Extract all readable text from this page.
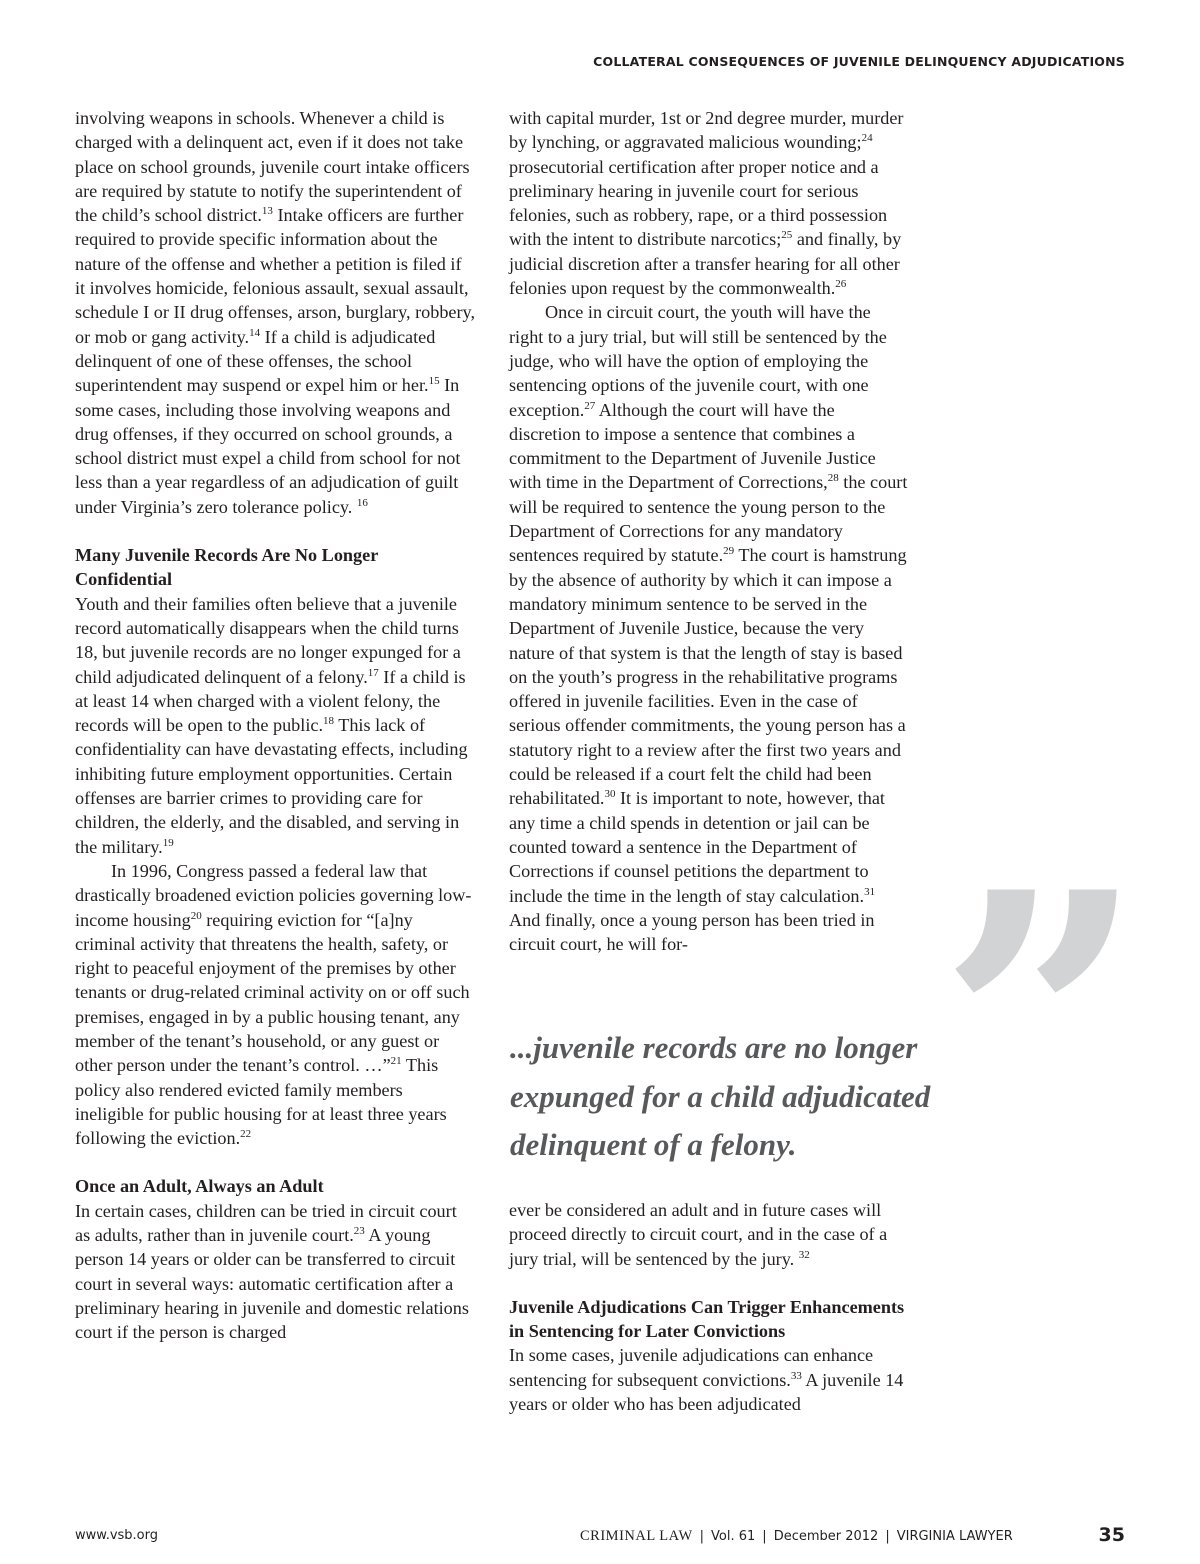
COLLATERAL CONSEQUENCES OF JUVENILE DELINQUENCY ADJUDICATIONS

involving weapons in schools. Whenever a child is charged with a delinquent act, even if it does not take place on school grounds, juvenile court intake officers are required by statute to notify the superintendent of the child’s school district.$^{13}$ Intake officers are further required to provide specific information about the nature of the offense and whether a petition is filed if it involves homicide, felonious assault, sexual assault, schedule I or II drug offenses, arson, burglary, robbery, or mob or gang activity.$^{14}$ If a child is adjudicated delinquent of one of these offenses, the school superintendent may suspend or expel him or her.$^{15}$ In some cases, including those involving weapons and drug offenses, if they occurred on school grounds, a school district must expel a child from school for not less than a year regardless of an adjudication of guilt under Virginia’s zero tolerance policy. $^{16}$

Many Juvenile Records Are No Longer Confidential

Youth and their families often believe that a juvenile record automatically disappears when the child turns 18, but juvenile records are no longer expunged for a child adjudicated delinquent of a felony.$^{17}$ If a child is at least 14 when charged with a violent felony, the records will be open to the public.$^{18}$ This lack of confidentiality can have devastating effects, including inhibiting future employment opportunities. Certain offenses are barrier crimes to providing care for children, the elderly, and the disabled, and serving in the military.$^{19}$

In 1996, Congress passed a federal law that drastically broadened eviction policies governing low-income housing$^{20}$ requiring eviction for “[a]ny criminal activity that threatens the health, safety, or right to peaceful enjoyment of the premises by other tenants or drug-related criminal activity on or off such premises, engaged in by a public housing tenant, any member of the tenant’s household, or any guest or other person under the tenant’s control. …”$^{21}$ This policy also rendered evicted family members ineligible for public housing for at least three years following the eviction.$^{22}$

Once an Adult, Always an Adult

In certain cases, children can be tried in circuit court as adults, rather than in juvenile court.$^{23}$ A young person 14 years or older can be transferred to circuit court in several ways: automatic certification after a preliminary hearing in juvenile and domestic relations court if the person is charged

with capital murder, 1st or 2nd degree murder, murder by lynching, or aggravated malicious wounding;$^{24}$ prosecutorial certification after proper notice and a preliminary hearing in juvenile court for serious felonies, such as robbery, rape, or a third possession with the intent to distribute narcotics;$^{25}$ and finally, by judicial discretion after a transfer hearing for all other felonies upon request by the commonwealth.$^{26}$

Once in circuit court, the youth will have the right to a jury trial, but will still be sentenced by the judge, who will have the option of employing the sentencing options of the juvenile court, with one exception.$^{27}$ Although the court will have the discretion to impose a sentence that combines a commitment to the Department of Juvenile Justice with time in the Department of Corrections,$^{28}$ the court will be required to sentence the young person to the Department of Corrections for any mandatory sentences required by statute.$^{29}$ The court is hamstrung by the absence of authority by which it can impose a mandatory minimum sentence to be served in the Department of Juvenile Justice, because the very nature of that system is that the length of stay is based on the youth’s progress in the rehabilitative programs offered in juvenile facilities. Even in the case of serious offender commitments, the young person has a statutory right to a review after the first two years and could be released if a court felt the child had been rehabilitated.$^{30}$ It is important to note, however, that any time a child spends in detention or jail can be counted toward a sentence in the Department of Corrections if counsel petitions the department to include the time in the length of stay calculation.$^{31}$ And finally, once a young person has been tried in circuit court, he will for- ”
...juvenile records are no longer expunged for a child adjudicated delinquent of a felony.

ever be considered an adult and in future cases will proceed directly to circuit court, and in the case of a jury trial, will be sentenced by the jury. $^{32}$

Juvenile Adjudications Can Trigger Enhancements in Sentencing for Later Convictions

In some cases, juvenile adjudications can enhance sentencing for subsequent convictions.$^{33}$ A juvenile 14 years or older who has been adjudicated

www.vsb.org	CRIMINAL LAW | Vol. 61 | December 2012 | VIRGINIA LAWYER	35
